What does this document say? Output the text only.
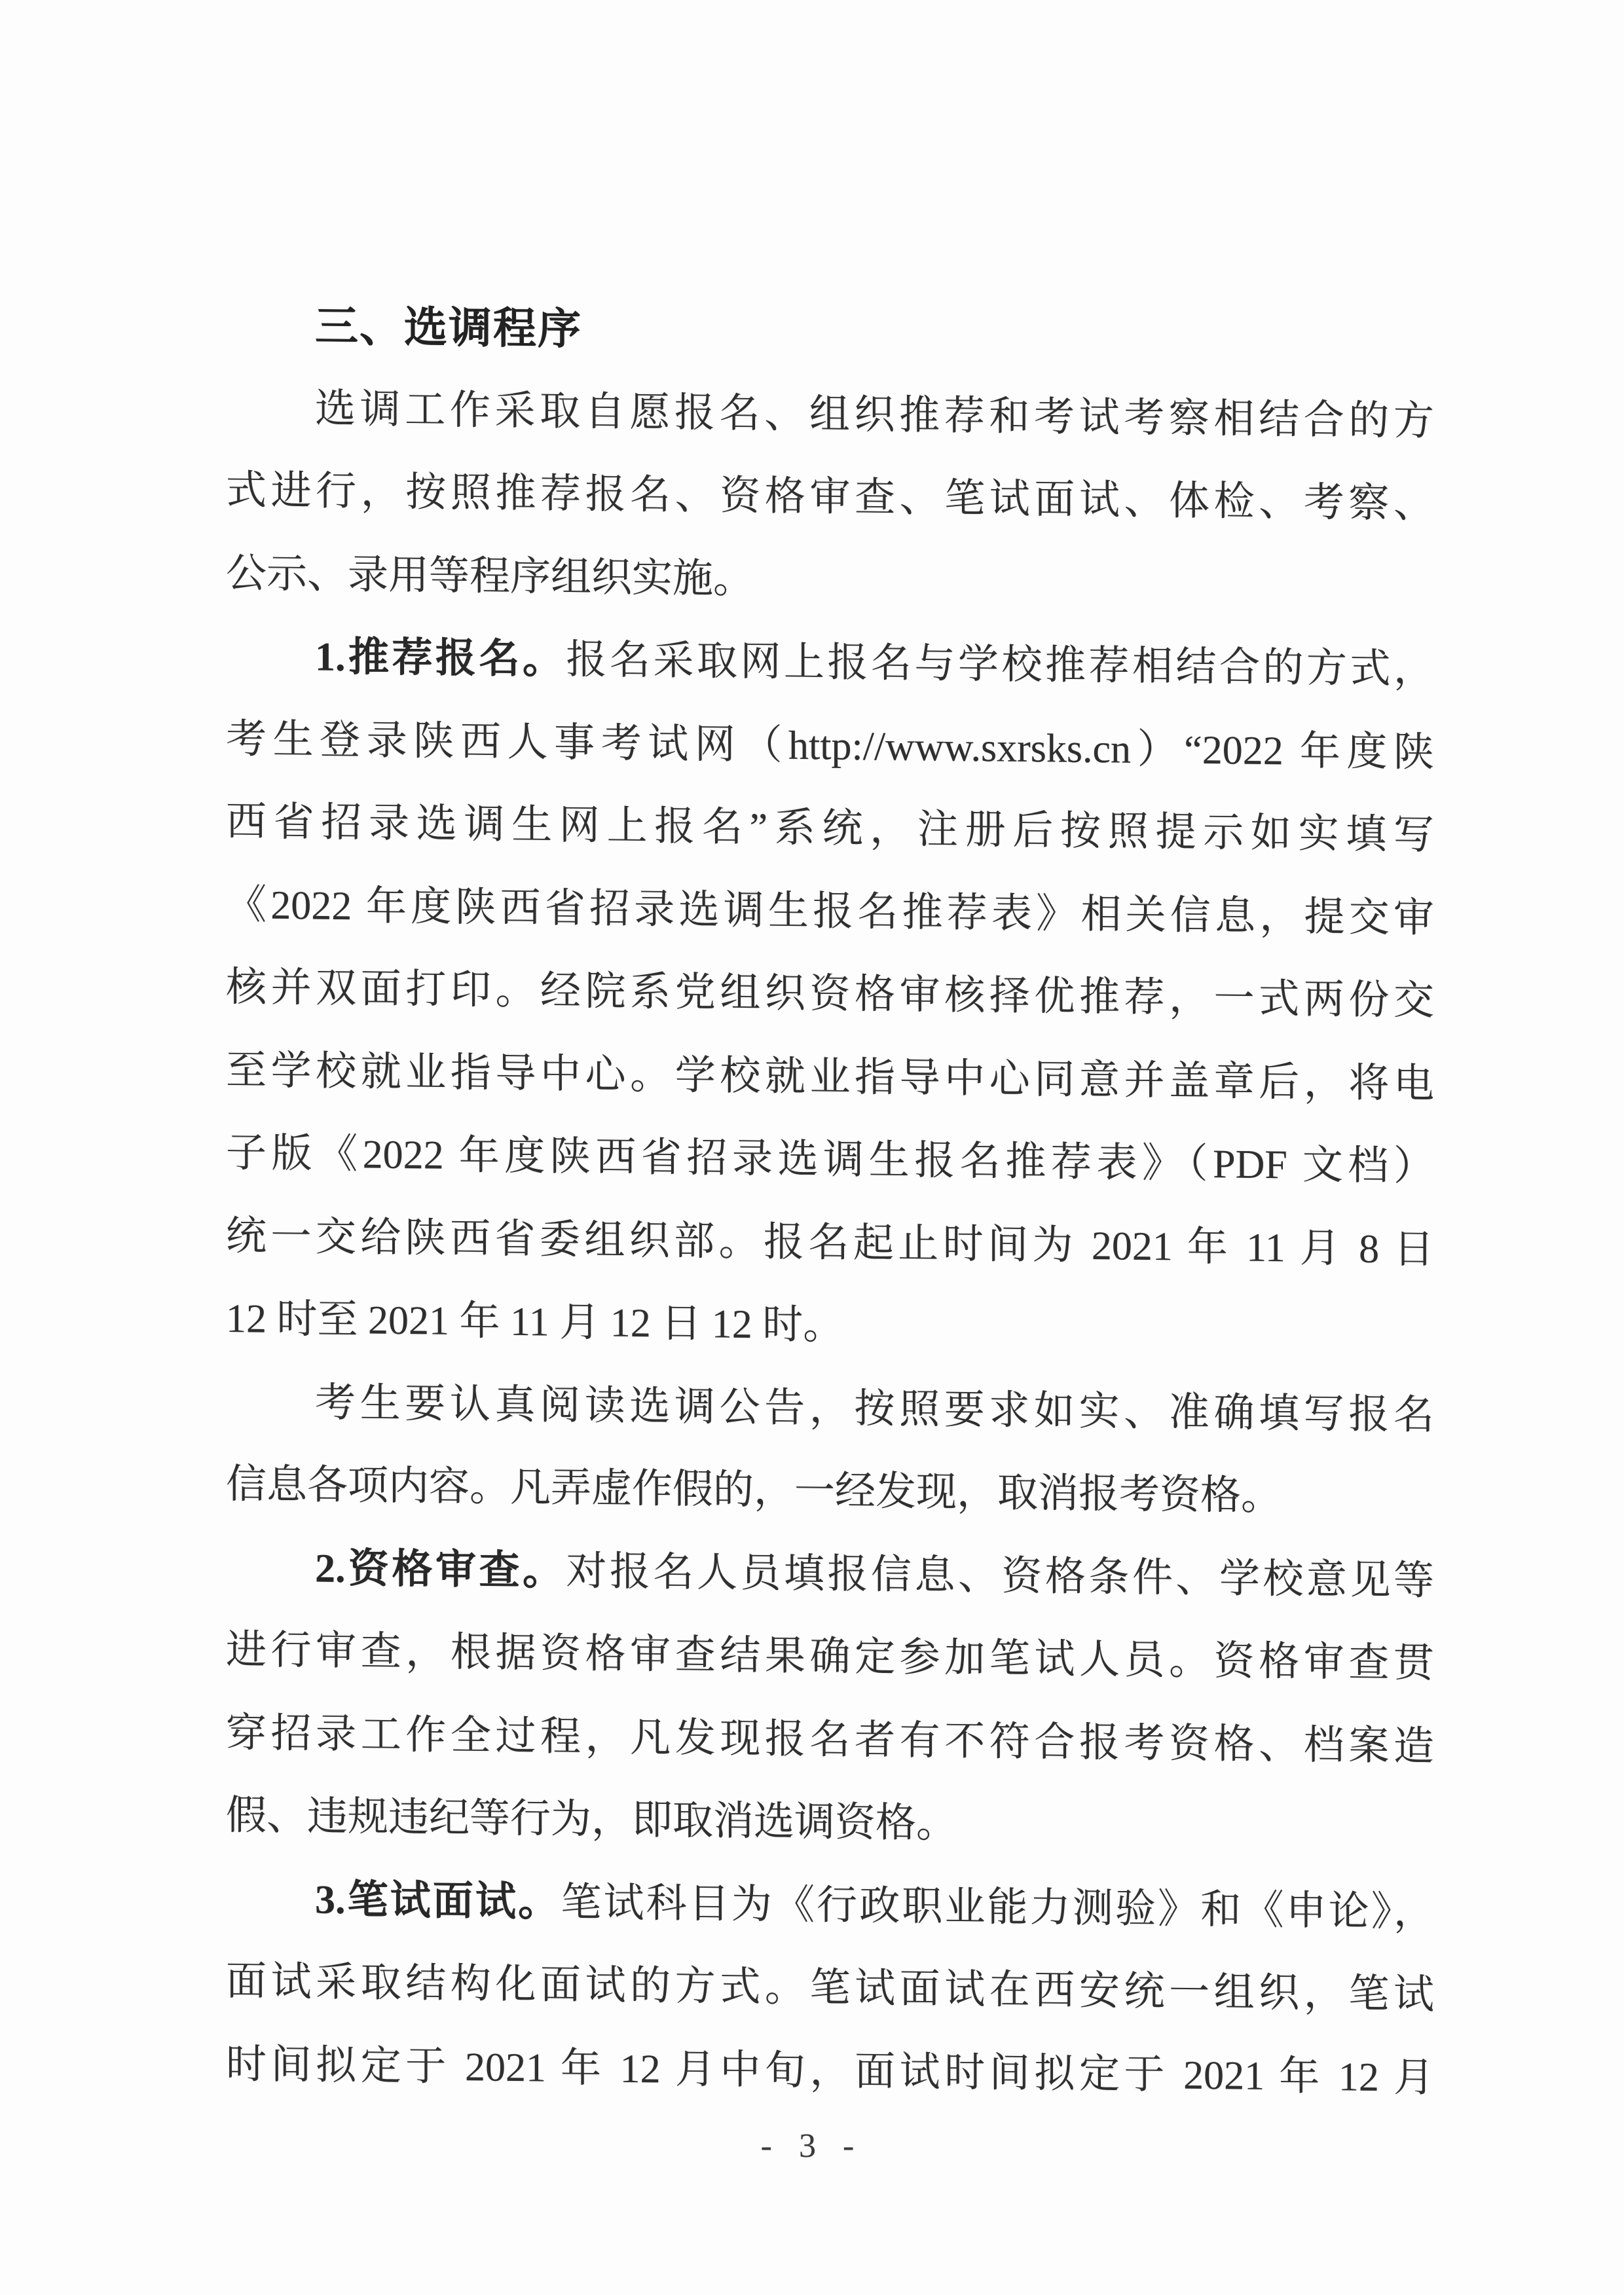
三、选调程序
选调工作采取自愿报名、组织推荐和考试考察相结合的方
式进行，按照推荐报名、资格审查、笔试面试、体检、考察、
公示、录用等程序组织实施。
1.推荐报名。报名采取网上报名与学校推荐相结合的方式，
考生登录陕西人事考试网（http://www.sxrsks.cn）“2022 年度陕
西省招录选调生网上报名”系统，注册后按照提示如实填写
《2022 年度陕西省招录选调生报名推荐表》相关信息，提交审
核并双面打印。经院系党组织资格审核择优推荐，一式两份交
至学校就业指导中心。学校就业指导中心同意并盖章后，将电
子版《2022 年度陕西省招录选调生报名推荐表》（PDF 文档）
统一交给陕西省委组织部。报名起止时间为 2021 年 11 月 8 日
12 时至 2021 年 11 月 12 日 12 时。
考生要认真阅读选调公告，按照要求如实、准确填写报名
信息各项内容。凡弄虚作假的，一经发现，取消报考资格。
2.资格审查。对报名人员填报信息、资格条件、学校意见等
进行审查，根据资格审查结果确定参加笔试人员。资格审查贯
穿招录工作全过程，凡发现报名者有不符合报考资格、档案造
假、违规违纪等行为，即取消选调资格。
3.笔试面试。笔试科目为《行政职业能力测验》和《申论》，
面试采取结构化面试的方式。笔试面试在西安统一组织，笔试
时间拟定于 2021 年 12 月中旬，面试时间拟定于 2021 年 12 月
- 3 -
